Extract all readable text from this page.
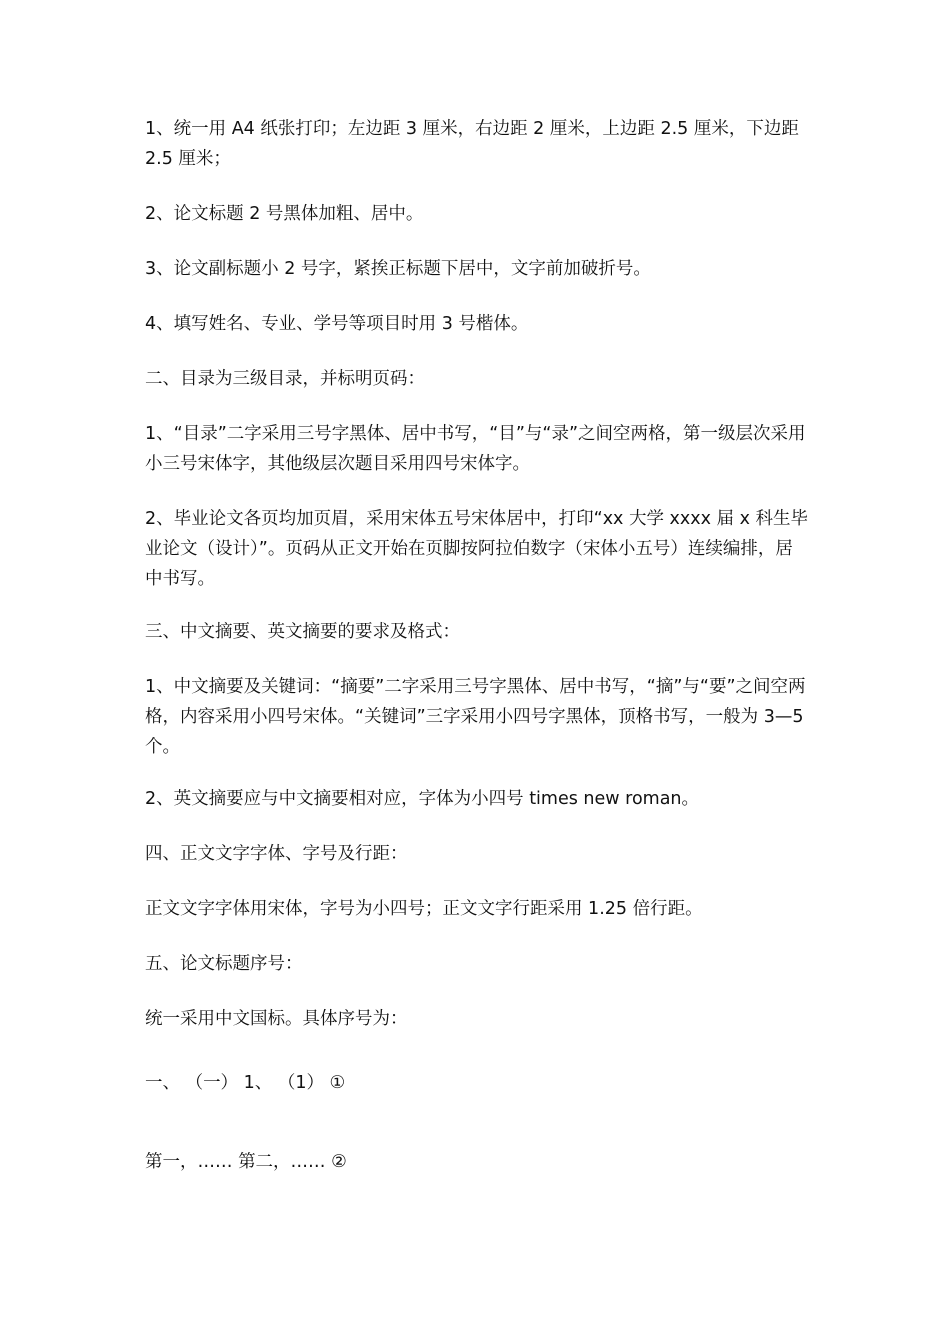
1、统一用 A4 纸张打印；左边距 3 厘米，右边距 2 厘米，上边距 2.5 厘米，下边距 2.5 厘米；

2、论文标题 2 号黑体加粗、居中。

3、论文副标题小 2 号字，紧挨正标题下居中，文字前加破折号。

4、填写姓名、专业、学号等项目时用 3 号楷体。

二、目录为三级目录，并标明页码：

1、“目录”二字采用三号字黑体、居中书写，“目”与“录”之间空两格，第一级层次采用小三号宋体字，其他级层次题目采用四号宋体字。

2、毕业论文各页均加页眉，采用宋体五号宋体居中，打印“xx 大学 xxxx 届 x 科生毕业论文（设计）”。页码从正文开始在页脚按阿拉伯数字（宋体小五号）连续编排，居中书写。

三、中文摘要、英文摘要的要求及格式：

1、中文摘要及关键词：“摘要”二字采用三号字黑体、居中书写，“摘”与“要”之间空两格，内容采用小四号宋体。“关键词”三字采用小四号字黑体，顶格书写，一般为 3—5 个。

2、英文摘要应与中文摘要相对应，字体为小四号 times new roman。

四、正文文字字体、字号及行距：

正文文字字体用宋体，字号为小四号；正文文字行距采用 1.25 倍行距。

五、论文标题序号：

统一采用中文国标。具体序号为：

一、 （一） 1、 （1） ①

第一，…… 第二，…… ②
